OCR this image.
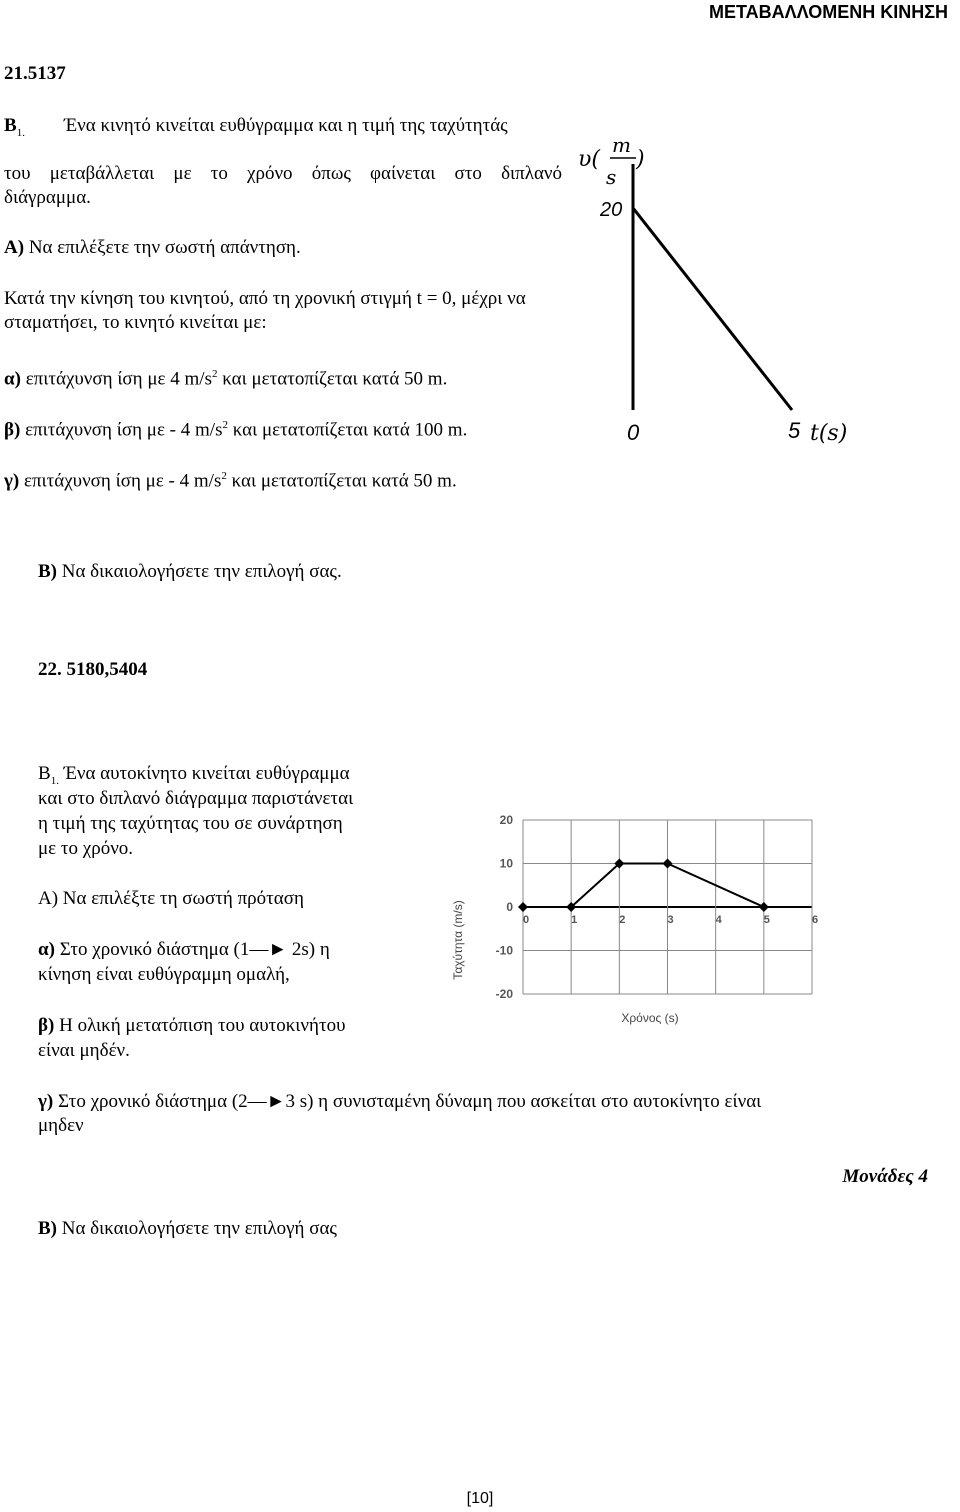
ΜΕΤΑΒΑΛΛΟΜΕΝΗ ΚΙΝΗΣΗ
21.5137
$B_{1.}$ Ένα κινητό κινείται ευθύγραμμα και η τιμή της ταχύτητάς
του μεταβάλλεται με το χρόνο όπως φαίνεται στο διπλανό
διάγραμμα.
Α) Να επιλέξετε την σωστή απάντηση.
Κατά την κίνηση του κινητού, από τη χρονική στιγμή t = 0, μέχρι να
σταματήσει, το κινητό κινείται με:
α) επιτάχυνση ίση με 4 $m/s^2$ και μετατοπίζεται κατά 50 m.
β) επιτάχυνση ίση με - 4 $m/s^2$ και μετατοπίζεται κατά 100 m.
γ) επιτάχυνση ίση με - 4 $m/s^2$ και μετατοπίζεται κατά 50 m.
Β) Να δικαιολογήσετε την επιλογή σας.
υ(
m
)
s
0	5
20
t(s)
22. 5180,5404
$B_{1.}$ Ένα αυτοκίνητο κινείται ευθύγραμμα
και στο διπλανό διάγραμμα παριστάνεται
η τιμή της ταχύτητας του σε συνάρτηση
με το χρόνο.
Α) Να επιλέξτε τη σωστή πρόταση
α) Στο χρονικό διάστημα (1—► 2s) η
κίνηση είναι ευθύγραμμη ομαλή,
β) Η ολική μετατόπιση του αυτοκινήτου
είναι μηδέν.
γ) Στο χρονικό διάστημα (2—►3 s) η συνισταμένη δύναμη που ασκείται στο αυτοκίνητο είναι
μηδεν
Μονάδες 4
Β) Να δικαιολογήσετε την επιλογή σας
20
10
0
-10
-20
0	1	2	3	4	5	6
Ταχύτητα (m/s)
Χρόνος (s)
[10]
